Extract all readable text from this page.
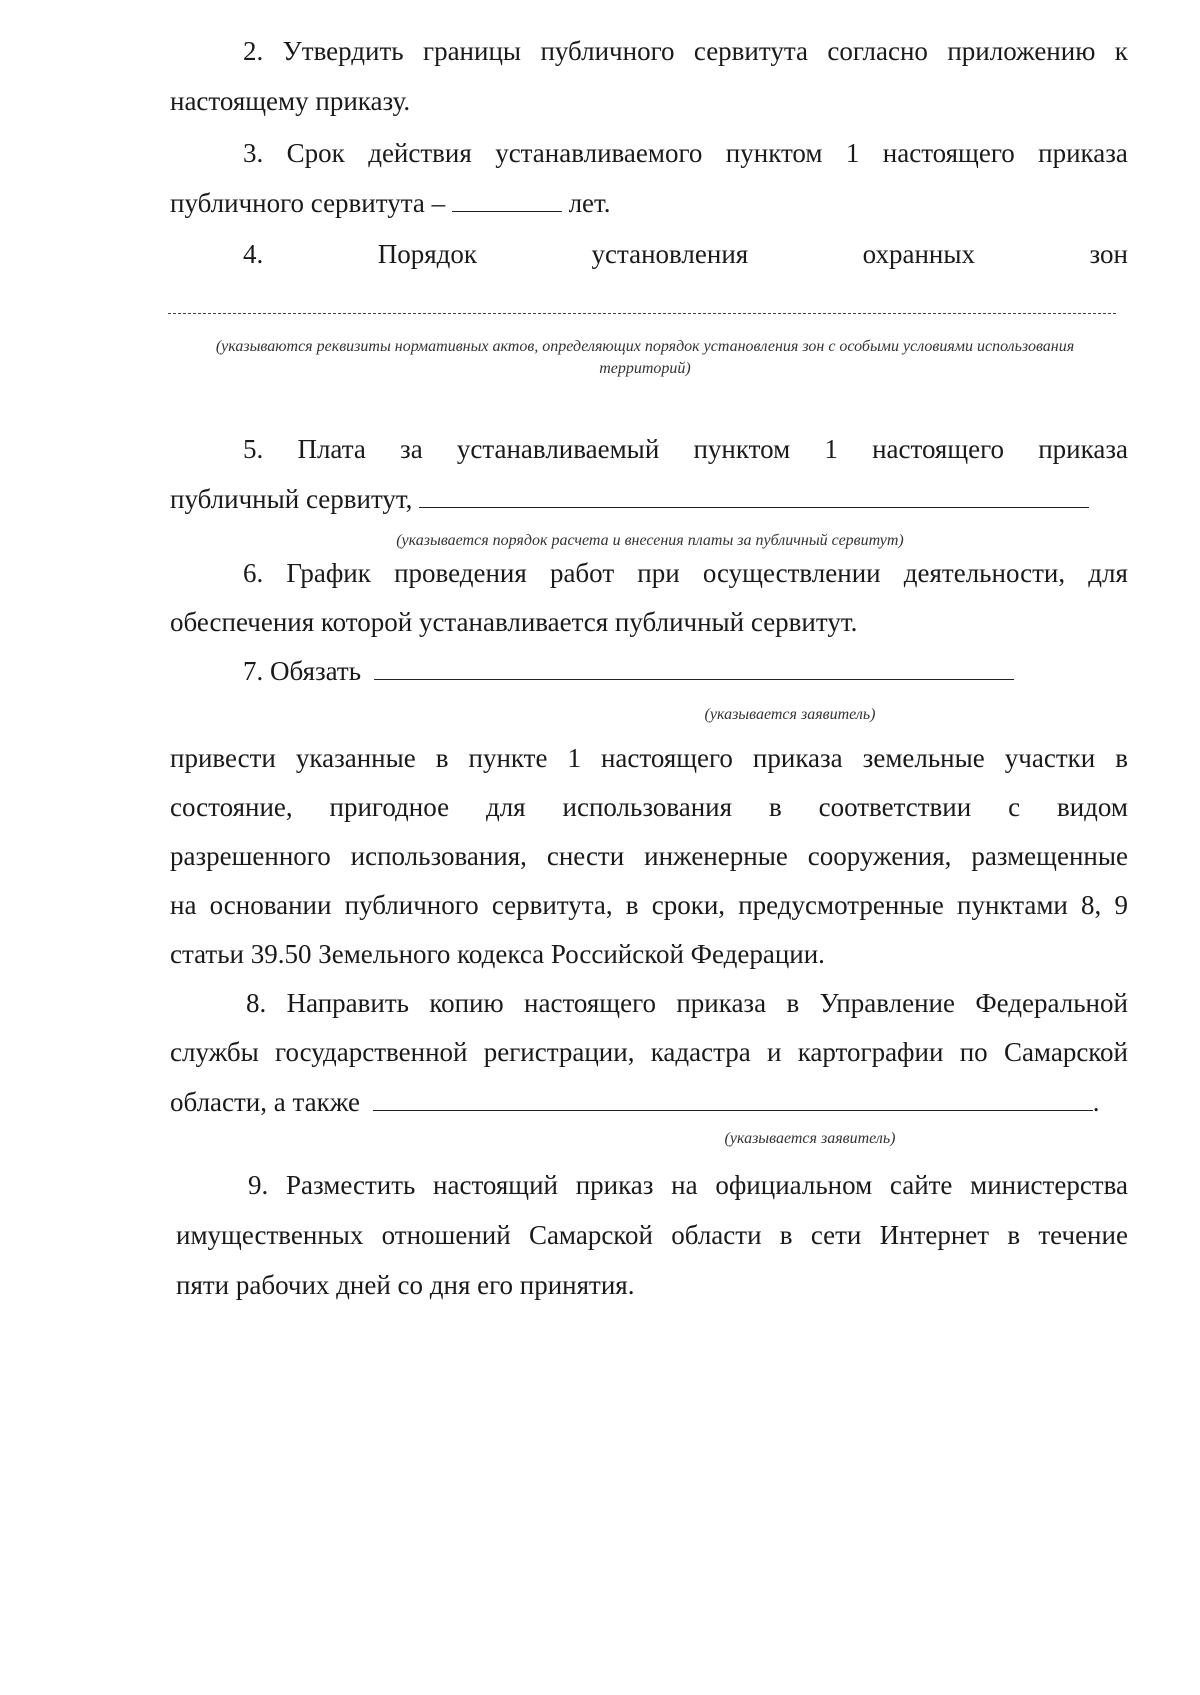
2. Утвердить границы публичного сервитута согласно приложению к
настоящему приказу.
3. Срок действия устанавливаемого пунктом 1 настоящего приказа
публичного сервитута –	лет.
4.	Порядок	установления	охранных	зон
(указываются реквизиты нормативных актов, определяющих порядок установления зон с особыми условиями использования территорий)
5. Плата за устанавливаемый пунктом 1 настоящего приказа
публичный сервитут,
(указывается порядок расчета и внесения платы за публичный сервитут)
6. График проведения работ при осуществлении деятельности, для
обеспечения которой устанавливается публичный сервитут.
7. Обязать
(указывается заявитель)
привести указанные в пункте 1 настоящего приказа земельные участки в
состояние, пригодное для использования в соответствии с видом
разрешенного использования, снести инженерные сооружения, размещенные
на основании публичного сервитута, в сроки, предусмотренные пунктами 8, 9
статьи 39.50 Земельного кодекса Российской Федерации.
8. Направить копию настоящего приказа в Управление Федеральной
службы государственной регистрации, кадастра и картографии по Самарской
области, а также	.
(указывается заявитель)
9. Разместить настоящий приказ на официальном сайте министерства
имущественных отношений Самарской области в сети Интернет в течение
пяти рабочих дней со дня его принятия.
